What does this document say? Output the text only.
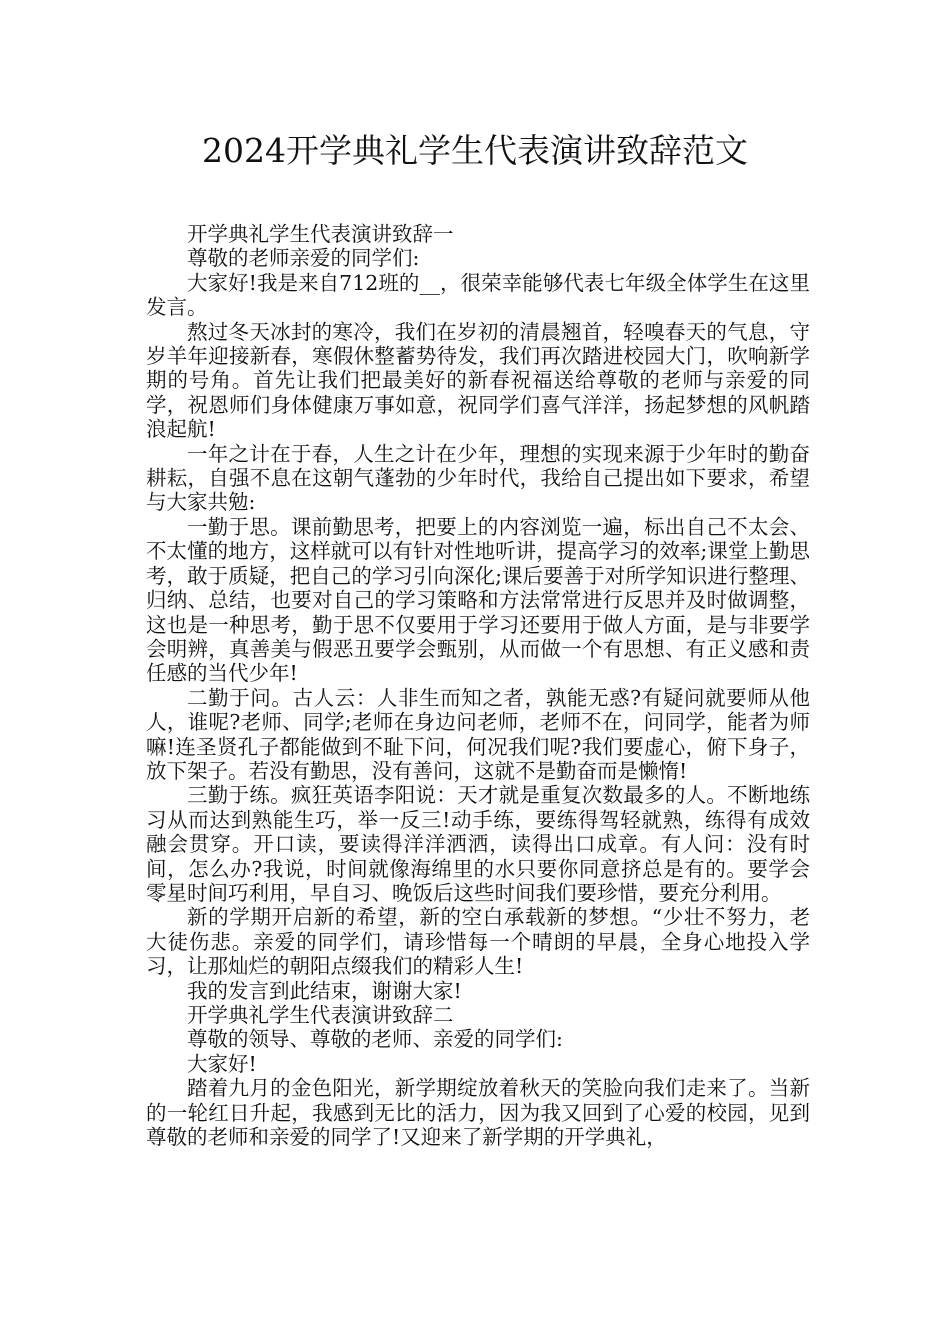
2024开学典礼学生代表演讲致辞范文

开学典礼学生代表演讲致辞一

尊敬的老师亲爱的同学们:

大家好!我是来自712班的__，很荣幸能够代表七年级全体学生在这里发言。

熬过冬天冰封的寒冷，我们在岁初的清晨翘首，轻嗅春天的气息，守岁羊年迎接新春，寒假休整蓄势待发，我们再次踏进校园大门，吹响新学期的号角。首先让我们把最美好的新春祝福送给尊敬的老师与亲爱的同学，祝恩师们身体健康万事如意，祝同学们喜气洋洋，扬起梦想的风帆踏浪起航!

一年之计在于春，人生之计在少年，理想的实现来源于少年时的勤奋耕耘，自强不息在这朝气蓬勃的少年时代，我给自己提出如下要求，希望与大家共勉:

一勤于思。课前勤思考，把要上的内容浏览一遍，标出自己不太会、不太懂的地方，这样就可以有针对性地听讲，提高学习的效率;课堂上勤思考，敢于质疑，把自己的学习引向深化;课后要善于对所学知识进行整理、归纳、总结，也要对自己的学习策略和方法常常进行反思并及时做调整，这也是一种思考，勤于思不仅要用于学习还要用于做人方面，是与非要学会明辨，真善美与假恶丑要学会甄别，从而做一个有思想、有正义感和责任感的当代少年!

二勤于问。古人云：人非生而知之者，孰能无惑?有疑问就要师从他人，谁呢?老师、同学;老师在身边问老师，老师不在，问同学，能者为师嘛!连圣贤孔子都能做到不耻下问，何况我们呢?我们要虚心，俯下身子，放下架子。若没有勤思，没有善问，这就不是勤奋而是懒惰!

三勤于练。疯狂英语李阳说：天才就是重复次数最多的人。不断地练习从而达到熟能生巧，举一反三!动手练，要练得驾轻就熟，练得有成效融会贯穿。开口读，要读得洋洋洒洒，读得出口成章。有人问：没有时间，怎么办?我说，时间就像海绵里的水只要你同意挤总是有的。要学会零星时间巧利用，早自习、晚饭后这些时间我们要珍惜，要充分利用。

新的学期开启新的希望，新的空白承载新的梦想。“少壮不努力，老大徒伤悲。亲爱的同学们，请珍惜每一个晴朗的早晨，全身心地投入学习，让那灿烂的朝阳点缀我们的精彩人生!

我的发言到此结束，谢谢大家!

开学典礼学生代表演讲致辞二

尊敬的领导、尊敬的老师、亲爱的同学们:

大家好!

踏着九月的金色阳光，新学期绽放着秋天的笑脸向我们走来了。当新的一轮红日升起，我感到无比的活力，因为我又回到了心爱的校园，见到尊敬的老师和亲爱的同学了!又迎来了新学期的开学典礼，
